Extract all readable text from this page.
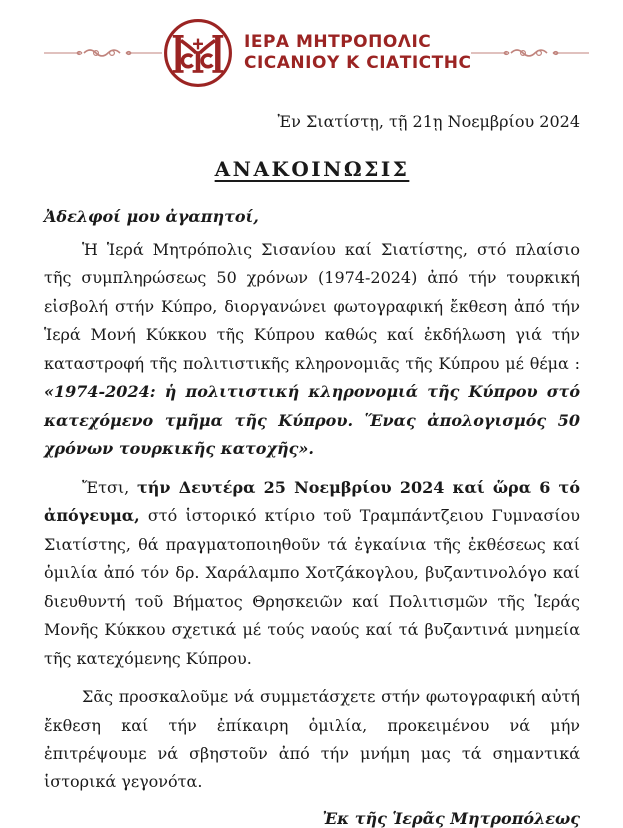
ΙΕΡΑ ΜΗΤΡΟΠΟΛΙϹ
ϹΙϹΑΝΙΟΥ Κ ϹΙΑΤΙϹΤΗϹ
Ἐν Σιατίστῃ, τῇ 21ῃ Νοεμβρίου 2024
ΑΝΑΚΟΙΝΩΣΙΣ

Ἀδελφοί μου ἀγαπητοί,

Ἡ Ἱερά Μητρόπολις Σισανίου καί Σιατίστης, στό πλαίσιο τῆς συμπληρώσεως 50 χρόνων (1974-2024) ἀπό τήν τουρκική εἰσβολή στήν Κύπρο, διοργανώνει φωτογραφική ἔκθεση ἀπό τήν Ἱερά Μονή Κύκκου τῆς Κύπρου καθώς καί ἐκδήλωση γιά τήν καταστροφή τῆς πολιτιστικῆς κληρονομιᾶς τῆς Κύπρου μέ θέμα : «1974-2024: ἡ πολιτιστική κληρονομιά τῆς Κύπρου στό κατεχόμενο τμῆμα τῆς Κύπρου. Ἕνας ἀπολογισμός 50 χρόνων τουρκικῆς κατοχῆς».

Ἔτσι, τήν Δευτέρα 25 Νοεμβρίου 2024 καί ὥρα 6 τό ἀπόγευμα, στό ἱστορικό κτίριο τοῦ Τραμπάντζειου Γυμνασίου Σιατίστης, θά πραγματοποιηθοῦν τά ἐγκαίνια τῆς ἐκθέσεως καί ὁμιλία ἀπό τόν δρ. Χαράλαμπο Χοτζάκογλου, βυζαντινολόγο καί διευθυντή τοῦ Βήματος Θρησκειῶν καί Πολιτισμῶν τῆς Ἱεράς Μονῆς Κύκκου σχετικά μέ τούς ναούς καί τά βυζαντινά μνημεία τῆς κατεχόμενης Κύπρου.

Σᾶς προσκαλοῦμε νά συμμετάσχετε στήν φωτογραφική αὐτή ἔκθεση καί τήν ἐπίκαιρη ὁμιλία, προκειμένου νά μήν ἐπιτρέψουμε νά σβηστοῦν ἀπό τήν μνήμη μας τά σημαντικά ἱστορικά γεγονότα.

Ἐκ τῆς Ἱερᾶς Μητροπόλεως
